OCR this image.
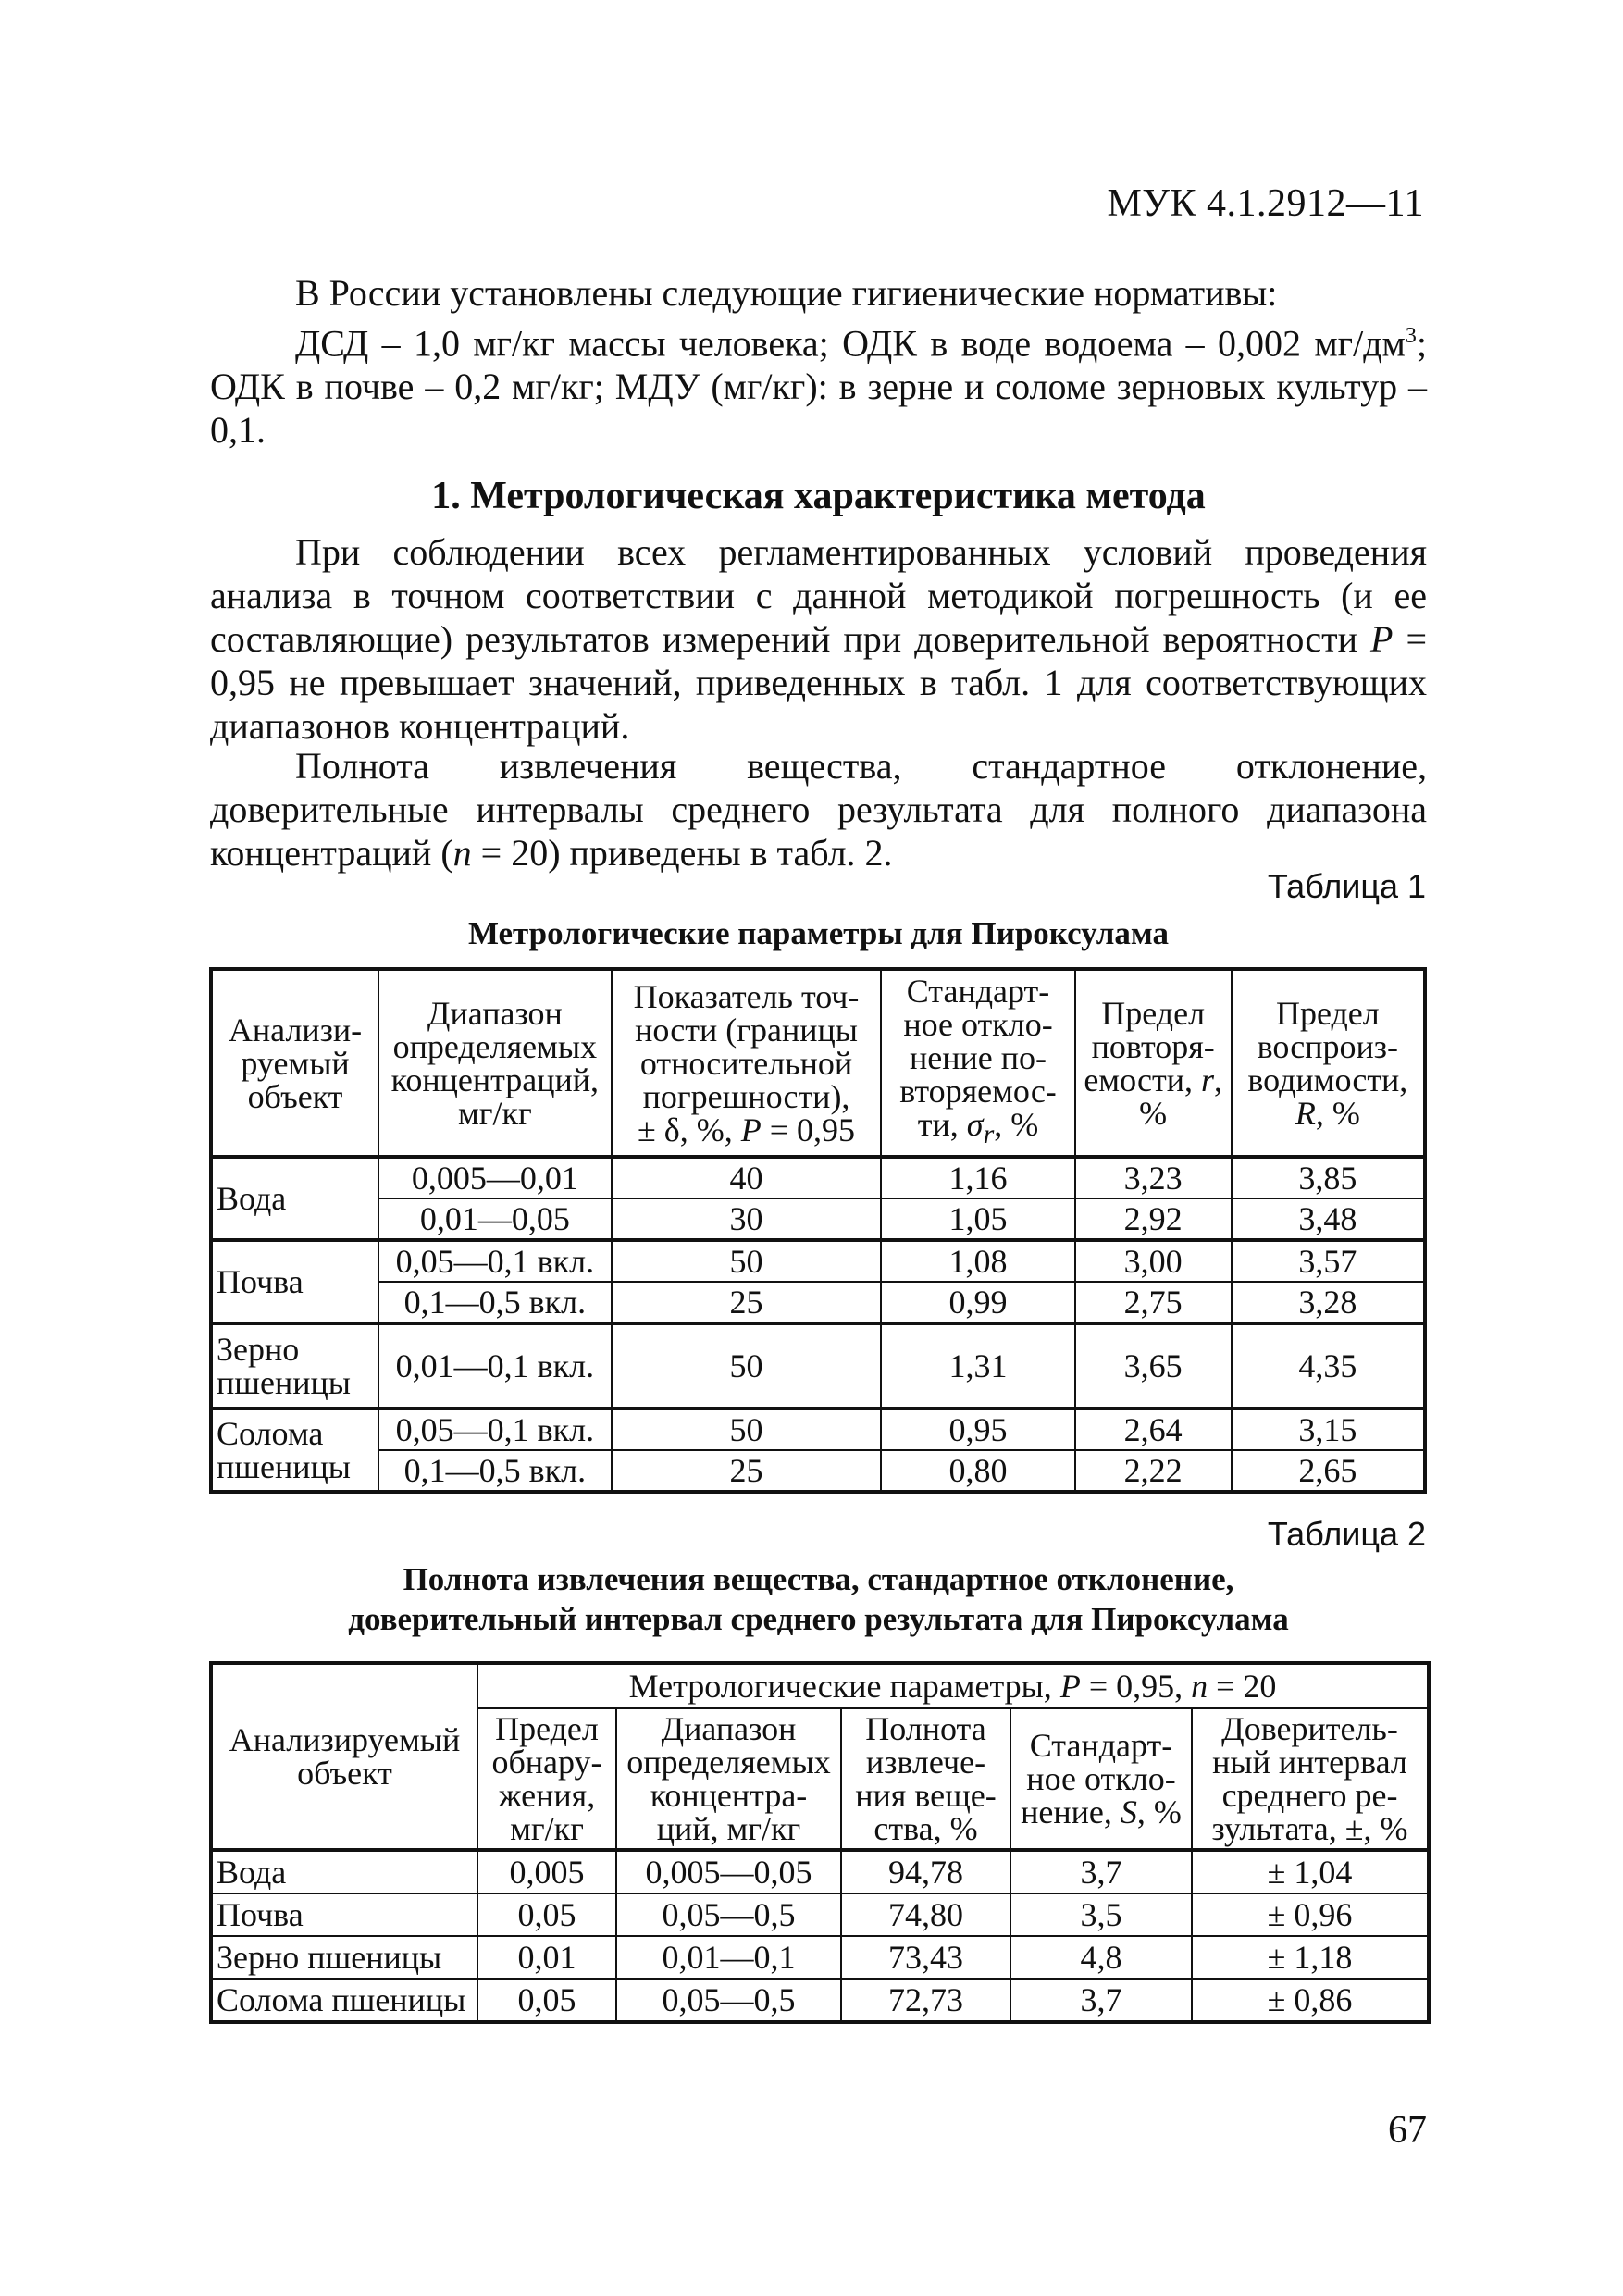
МУК 4.1.2912—11

В России установлены следующие гигиенические нормативы:

ДСД – 1,0 мг/кг массы человека; ОДК в воде водоема – 0,002 $мг/дм^3$; ОДК в почве – 0,2 мг/кг; МДУ (мг/кг): в зерне и соломе зерновых культур – 0,1.

1. Метрологическая характеристика метода

При соблюдении всех регламентированных условий проведения анализа в точном соответствии с данной методикой погрешность (и ее составляющие) результатов измерений при доверительной вероятности P = 0,95 не превышает значений, приведенных в табл. 1 для соответствующих диапазонов концентраций.

Полнота извлечения вещества, стандартное отклонение, доверительные интервалы среднего результата для полного диапазона концентраций (n = 20) приведены в табл. 2.

Таблица 1
Метрологические параметры для Пироксулама
Анализи-
руемый
объект	Диапазон
определяемых
концентраций,
мг/кг	Показатель точ-
ности (границы
относительной
погрешности),
± δ, %, P = 0,95	Стандарт-
ное откло-
нение по-
вторяемос-
ти, $\sigma_r$, %	Предел
повторя-
емости, r,
%	Предел
воспроиз-
водимости,
R, %
Вода	0,005—0,01	40	1,16	3,23	3,85
	0,01—0,05	30	1,05	2,92	3,48
Почва	0,05—0,1 вкл.	50	1,08	3,00	3,57
	0,1—0,5 вкл.	25	0,99	2,75	3,28
Зерно
пшеницы	0,01—0,1 вкл.	50	1,31	3,65	4,35
Солома
пшеницы	0,05—0,1 вкл.	50	0,95	2,64	3,15
	0,1—0,5 вкл.	25	0,80	2,22	2,65
Таблица 2
Полнота извлечения вещества, стандартное отклонение,
доверительный интервал среднего результата для Пироксулама
Анализируемый
объект	Метрологические параметры, P = 0,95, n = 20				
	Предел
обнару-
жения,
мг/кг	Диапазон
определяемых
концентра-
ций, мг/кг	Полнота
извлече-
ния веще-
ства, %	Стандарт-
ное откло-
нение, S, %	Доверитель-
ный интервал
среднего ре-
зультата, ±, %
Вода	0,005	0,005—0,05	94,78	3,7	± 1,04
Почва	0,05	0,05—0,5	74,80	3,5	± 0,96
Зерно пшеницы	0,01	0,01—0,1	73,43	4,8	± 1,18
Солома пшеницы	0,05	0,05—0,5	72,73	3,7	± 0,86
67
